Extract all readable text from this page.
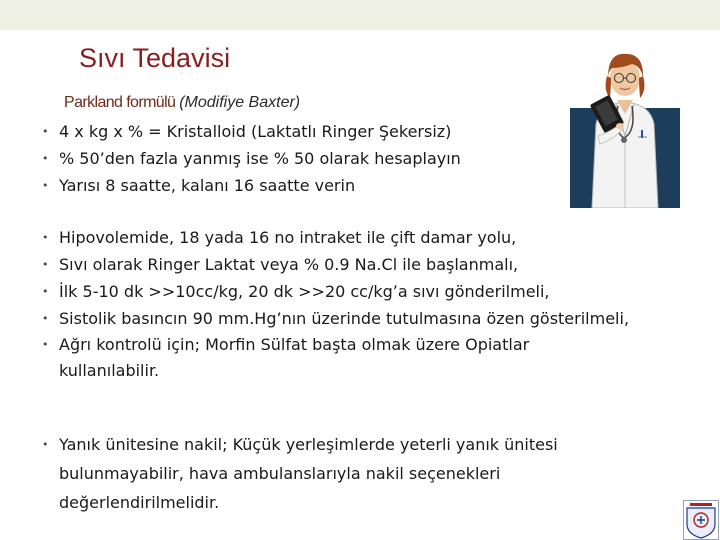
Sıvı Tedavisi
Parkland formülü (Modifiye Baxter)
• 4 x kg x % = Kristalloid (Laktatlı Ringer Şekersiz)
• % 50’den fazla yanmış ise % 50 olarak hesaplayın
• Yarısı 8 saatte, kalanı 16 saatte verin
• Hipovolemide, 18 yada 16 no intraket ile çift damar yolu,
• Sıvı olarak Ringer Laktat veya % 0.9 Na.Cl ile başlanmalı,
• İlk 5-10 dk >>10cc/kg, 20 dk >>20 cc/kg’a sıvı gönderilmeli,
• Sistolik basıncın 90 mm.Hg’nın üzerinde tutulmasına özen gösterilmeli,
• Ağrı kontrolü için; Morfin Sülfat başta olmak üzere Opiatlar kullanılabilir.
• Yanık ünitesine nakil; Küçük yerleşimlerde yeterli yanık ünitesi bulunmayabilir, hava ambulanslarıyla nakil seçenekleri değerlendirilmelidir.
